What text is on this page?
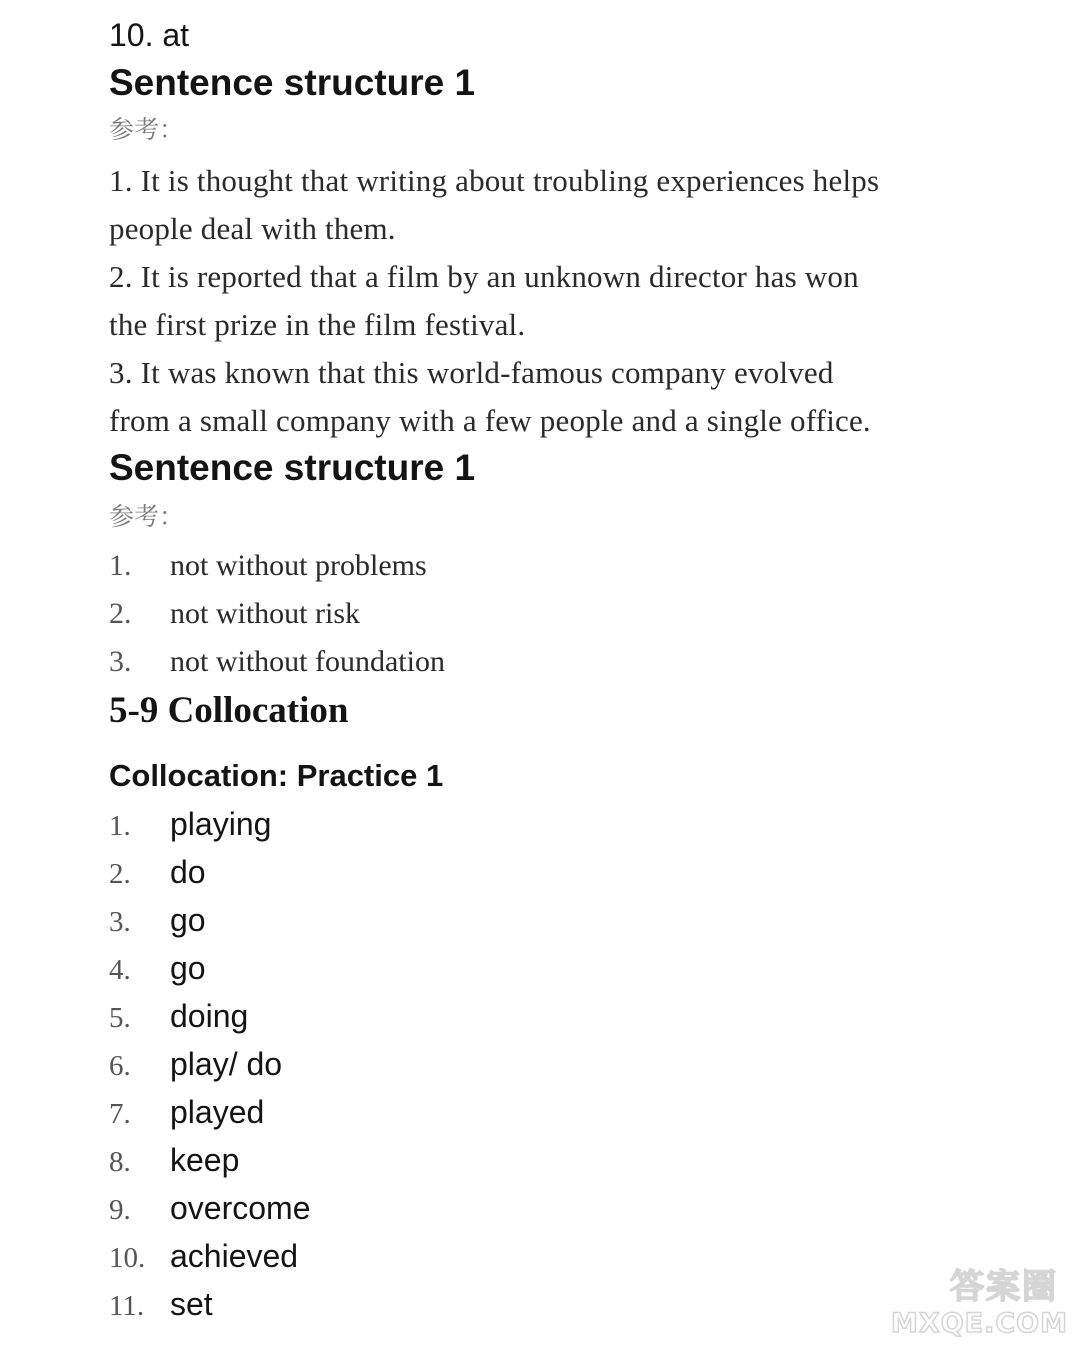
10. at
Sentence structure 1
参考：
1. It is thought that writing about troubling experiences helps
people deal with them.
2. It is reported that a film by an unknown director has won
the first prize in the film festival.
3. It was known that this world-famous company evolved
from a small company with a few people and a single office.
Sentence structure 1
参考：
1. not without problems
2. not without risk
3. not without foundation
5-9 Collocation
Collocation: Practice 1
1. playing
2. do
3. go
4. go
5. doing
6. play/ do
7. played
8. keep
9. overcome
10. achieved
11. set	答案圈
MXQE.COM
